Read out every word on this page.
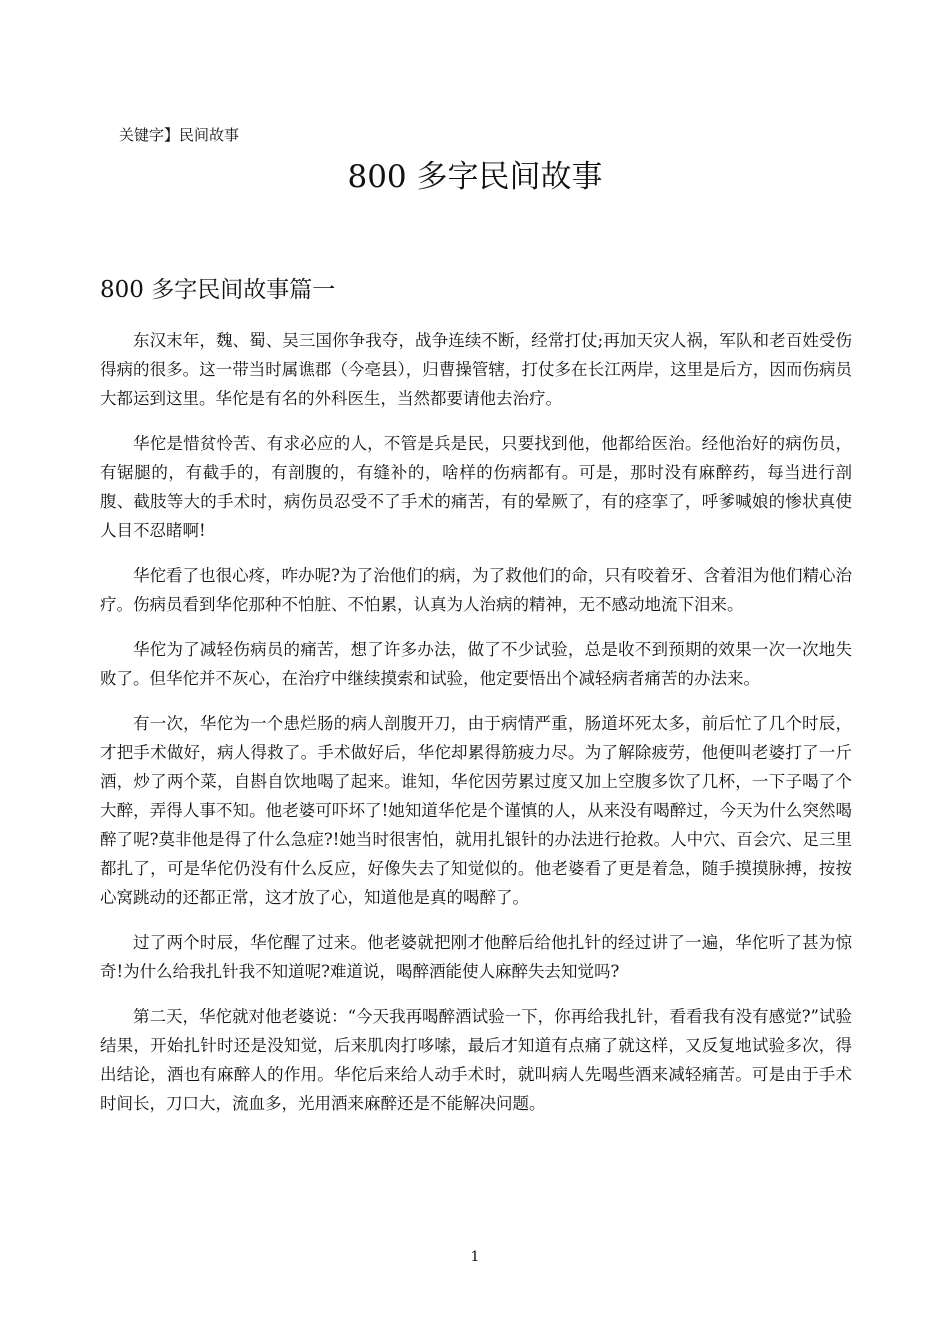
关键字】民间故事
800 多字民间故事
800 多字民间故事篇一

东汉末年，魏、蜀、吴三国你争我夺，战争连续不断，经常打仗;再加天灾人祸，军队和老百姓受伤得病的很多。这一带当时属谯郡（今亳县），归曹操管辖，打仗多在长江两岸，这里是后方，因而伤病员大都运到这里。华佗是有名的外科医生，当然都要请他去治疗。

华佗是惜贫怜苦、有求必应的人，不管是兵是民，只要找到他，他都给医治。经他治好的病伤员，有锯腿的，有截手的，有剖腹的，有缝补的，啥样的伤病都有。可是，那时没有麻醉药，每当进行剖腹、截肢等大的手术时，病伤员忍受不了手术的痛苦，有的晕厥了，有的痉挛了，呼爹喊娘的惨状真使人目不忍睹啊!

华佗看了也很心疼，咋办呢?为了治他们的病，为了救他们的命，只有咬着牙、含着泪为他们精心治疗。伤病员看到华佗那种不怕脏、不怕累，认真为人治病的精神，无不感动地流下泪来。

华佗为了减轻伤病员的痛苦，想了许多办法，做了不少试验，总是收不到预期的效果一次一次地失败了。但华佗并不灰心，在治疗中继续摸索和试验，他定要悟出个减轻病者痛苦的办法来。

有一次，华佗为一个患烂肠的病人剖腹开刀，由于病情严重，肠道坏死太多，前后忙了几个时辰，才把手术做好，病人得救了。手术做好后，华佗却累得筋疲力尽。为了解除疲劳，他便叫老婆打了一斤酒，炒了两个菜，自斟自饮地喝了起来。谁知，华佗因劳累过度又加上空腹多饮了几杯，一下子喝了个大醉，弄得人事不知。他老婆可吓坏了!她知道华佗是个谨慎的人，从来没有喝醉过，今天为什么突然喝醉了呢?莫非他是得了什么急症?!她当时很害怕，就用扎银针的办法进行抢救。人中穴、百会穴、足三里都扎了，可是华佗仍没有什么反应，好像失去了知觉似的。他老婆看了更是着急，随手摸摸脉搏，按按心窝跳动的还都正常，这才放了心，知道他是真的喝醉了。

过了两个时辰，华佗醒了过来。他老婆就把刚才他醉后给他扎针的经过讲了一遍，华佗听了甚为惊奇!为什么给我扎针我不知道呢?难道说，喝醉酒能使人麻醉失去知觉吗?

第二天，华佗就对他老婆说：“今天我再喝醉酒试验一下，你再给我扎针，看看我有没有感觉?”试验结果，开始扎针时还是没知觉，后来肌肉打哆嗦，最后才知道有点痛了就这样，又反复地试验多次，得出结论，酒也有麻醉人的作用。华佗后来给人动手术时，就叫病人先喝些酒来减轻痛苦。可是由于手术时间长，刀口大，流血多，光用酒来麻醉还是不能解决问题。

1
